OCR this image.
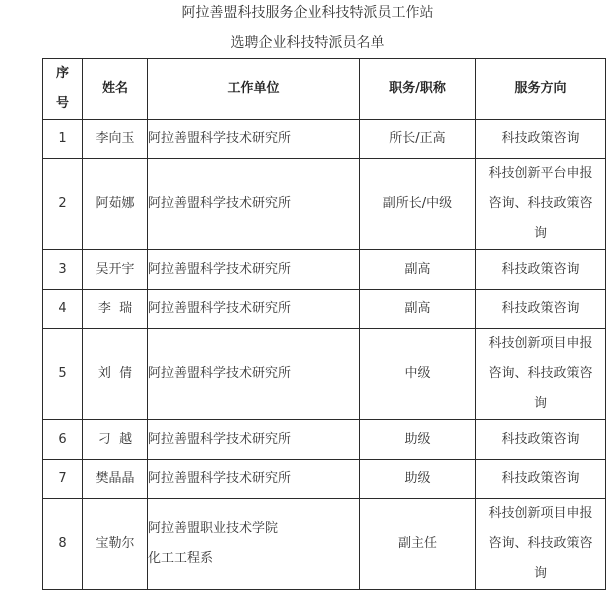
阿拉善盟科技服务企业科技特派员工作站
选聘企业科技特派员名单
序
号	姓名	工作单位	职务/职称	服务方向
1	李向玉	阿拉善盟科学技术研究所	所长/正高	科技政策咨询

2	阿茹娜	阿拉善盟科学技术研究所	副所长/中级	科技创新平台申报
咨询、科技政策咨
询

3	吴开宇	阿拉善盟科学技术研究所	副高	科技政策咨询

4	李  瑞	阿拉善盟科学技术研究所	副高	科技政策咨询

5	刘  倩	阿拉善盟科学技术研究所	中级	科技创新项目申报
咨询、科技政策咨
询

6	刁  越	阿拉善盟科学技术研究所	助级	科技政策咨询

7	樊晶晶	阿拉善盟科学技术研究所	助级	科技政策咨询

8	宝勒尔	阿拉善盟职业技术学院
化工工程系	副主任	科技创新项目申报
咨询、科技政策咨
询
